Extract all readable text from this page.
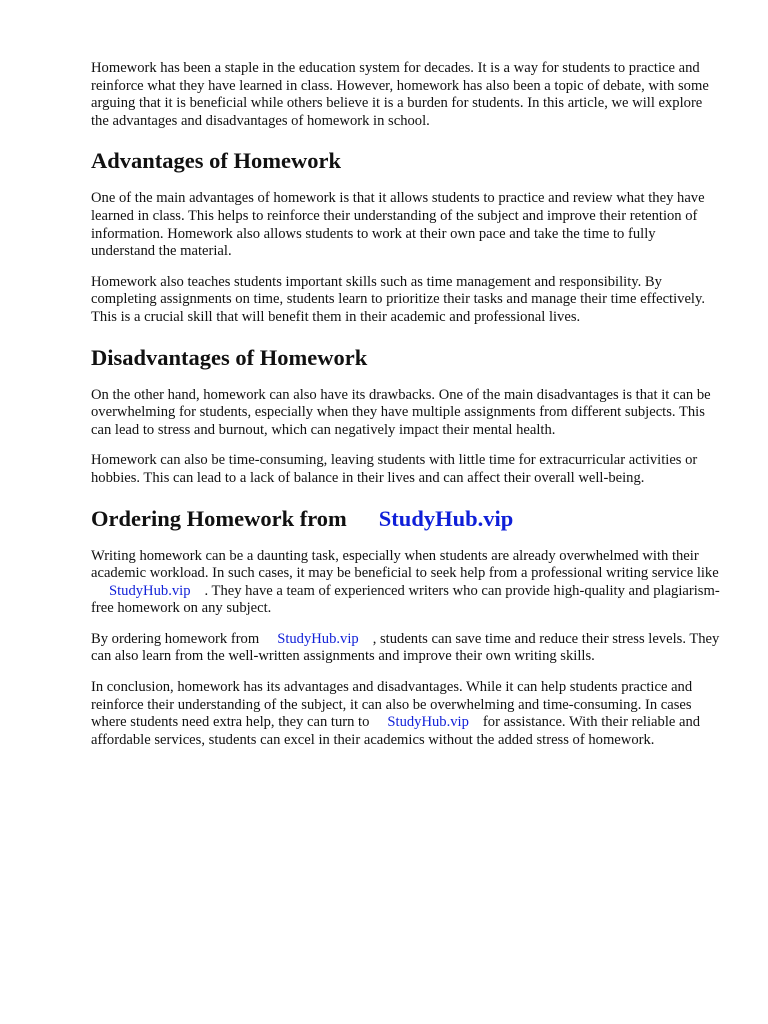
Homework has been a staple in the education system for decades. It is a way for students to practice and reinforce what they have learned in class. However, homework has also been a topic of debate, with some arguing that it is beneficial while others believe it is a burden for students. In this article, we will explore the advantages and disadvantages of homework in school.

Advantages of Homework

One of the main advantages of homework is that it allows students to practice and review what they have learned in class. This helps to reinforce their understanding of the subject and improve their retention of information. Homework also allows students to work at their own pace and take the time to fully understand the material.

Homework also teaches students important skills such as time management and responsibility. By completing assignments on time, students learn to prioritize their tasks and manage their time effectively. This is a crucial skill that will benefit them in their academic and professional lives.

Disadvantages of Homework

On the other hand, homework can also have its drawbacks. One of the main disadvantages is that it can be overwhelming for students, especially when they have multiple assignments from different subjects. This can lead to stress and burnout, which can negatively impact their mental health.

Homework can also be time-consuming, leaving students with little time for extracurricular activities or hobbies. This can lead to a lack of balance in their lives and can affect their overall well-being.

Ordering Homework from StudyHub.vip

Writing homework can be a daunting task, especially when students are already overwhelmed with their academic workload. In such cases, it may be beneficial to seek help from a professional writing service likeStudyHub.vip . They have a team of experienced writers who can provide high-quality and plagiarism-free homework on any subject.

By ordering homework from StudyHub.vip , students can save time and reduce their stress levels. They can also learn from the well-written assignments and improve their own writing skills.

In conclusion, homework has its advantages and disadvantages. While it can help students practice and reinforce their understanding of the subject, it can also be overwhelming and time-consuming. In cases where students need extra help, they can turn to StudyHub.vip for assistance. With their reliable and affordable services, students can excel in their academics without the added stress of homework.
